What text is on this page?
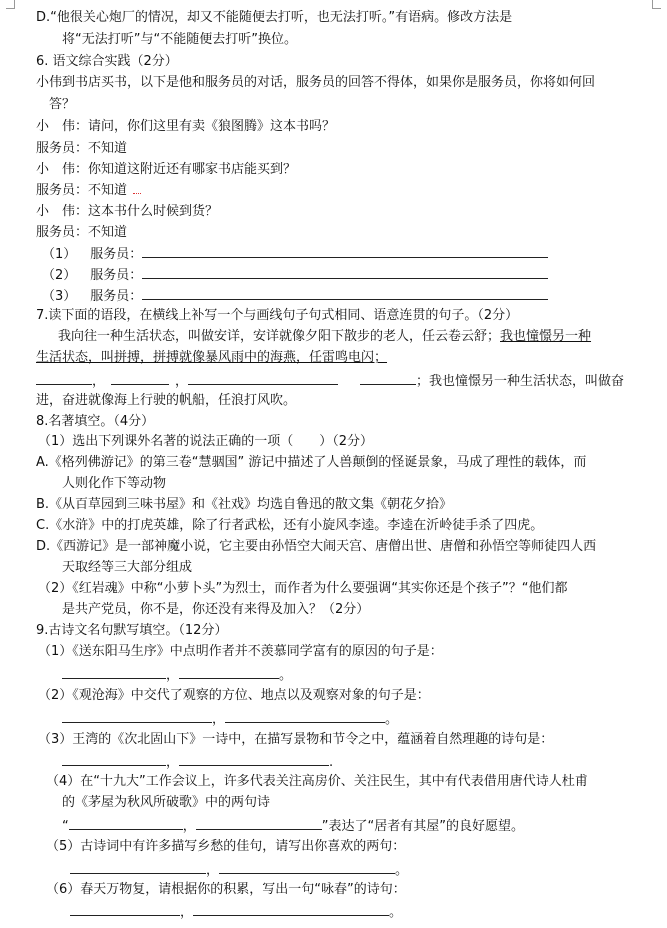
D.“他很关心炮厂的情况，却又不能随便去打听，也无法打听。”有语病。修改方法是
将“无法打听”与“不能随便去打听”换位。
6. 语文综合实践（2分）
小伟到书店买书，以下是他和服务员的对话，服务员的回答不得体，如果你是服务员，你将如何回
答？
小　伟：请问，你们这里有卖《狼图腾》这本书吗？
服务员：不知道
小　伟：你知道这附近还有哪家书店能买到？
服务员：不知道
小　伟：这本书什么时候到货？
服务员：不知道
（1） 服务员：
（2） 服务员：
（3） 服务员：
7.读下面的语段，在横线上补写一个与画线句子句式相同、语意连贯的句子。（2分）
我向往一种生活状态，叫做安详，安详就像夕阳下散步的老人，任云卷云舒；我也憧憬另一种
生活状态，叫拼搏，拼搏就像暴风雨中的海燕，任雷鸣电闪；
，	，	；我也憧憬另一种生活状态，叫做奋
进，奋进就像海上行驶的帆船，任浪打风吹。
8.名著填空。（4分）
（1）选出下列课外名著的说法正确的一项（　　）（2分）
A.《格列佛游记》的第三卷“慧骃国” 游记中描述了人兽颠倒的怪诞景象，马成了理性的载体，而
人则化作下等动物
B.《从百草园到三味书屋》和《社戏》均选自鲁迅的散文集《朝花夕拾》
C.《水浒》中的打虎英雄，除了行者武松，还有小旋风李逵。李逵在沂岭徒手杀了四虎。
D.《西游记》是一部神魔小说，它主要由孙悟空大闹天宫、唐僧出世、唐僧和孙悟空等师徒四人西
天取经等三大部分组成
（2）《红岩魂》中称“小萝卜头”为烈士，而作者为什么要强调“其实你还是个孩子”？“他们都
是共产党员，你不是，你还没有来得及加入？（2分）
9.古诗文名句默写填空。（12分）
（1）《送东阳马生序》中点明作者并不羡慕同学富有的原因的句子是：
，	。
（2）《观沧海》中交代了观察的方位、地点以及观察对象的句子是：
，	。
（3）王湾的《次北固山下》一诗中，在描写景物和节令之中，蕴涵着自然理趣的诗句是：
，	.
（4）在“十九大”工作会议上，许多代表关注高房价、关注民生，其中有代表借用唐代诗人杜甫
的《茅屋为秋风所破歌》中的两句诗
“	，	”表达了“居者有其屋”的良好愿望。
（5）古诗词中有许多描写乡愁的佳句，请写出你喜欢的两句：
，	。
（6）春天万物复，请根据你的积累，写出一句“咏春”的诗句：
，	。
